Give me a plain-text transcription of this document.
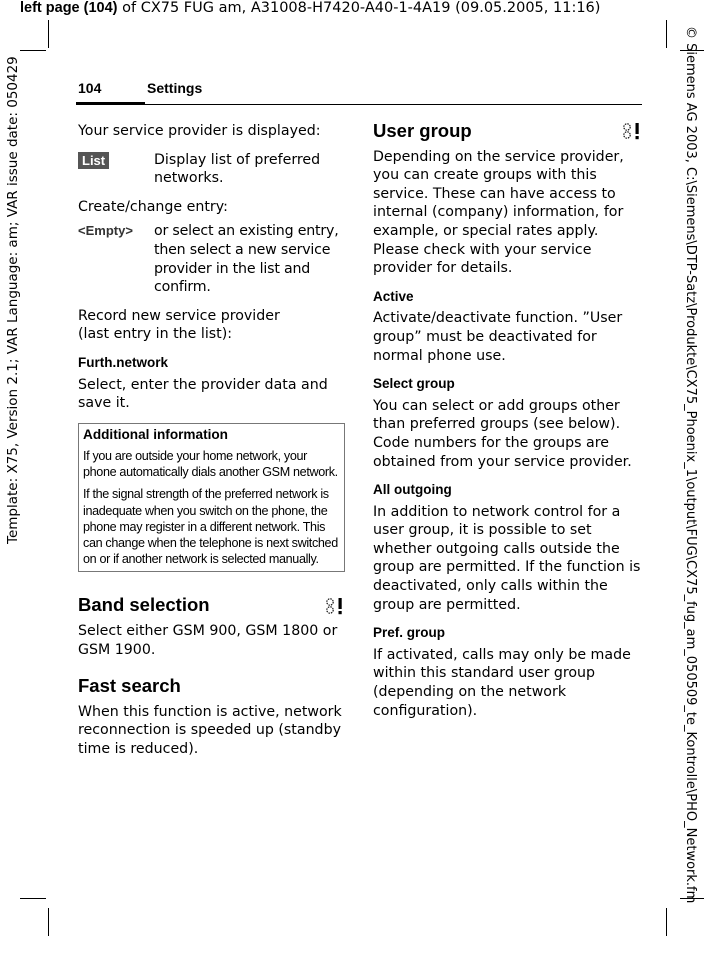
left page (104) of CX75 FUG am, A31008-H7420-A40-1-4A19 (09.05.2005, 11:16)
Template: X75, Version 2.1; VAR Language: am; VAR issue date: 050429	© Siemens AG 2003, C:\Siemens\DTP-Satz\Produkte\CX75_Phoenix_1\output\FUG\CX75_fug_am_050509_te_Kontrolle\PHO_Network.fm
104	Settings

Your service provider is displayed:

List	Display list of preferred networks.

Create/change entry:

<Empty>	or select an existing entry, then select a new service provider in the list and confirm.

Record new service provider
(last entry in the list):

Furth.network

Select, enter the provider data and save it.

Additional information

If you are outside your home network, your phone automatically dials another GSM network.

If the signal strength of the preferred network is inadequate when you switch on the phone, the phone may register in a different network. This can change when the telephone is next switched on or if another network is selected manually.

Band selection

Select either GSM 900, GSM 1800 or GSM 1900.

Fast search

When this function is active, network reconnection is speeded up (standby time is reduced).

User group

Depending on the service provider, you can create groups with this service. These can have access to internal (company) information, for example, or special rates apply. Please check with your service provider for details.

Active

Activate/deactivate function. ”User group” must be deactivated for normal phone use.

Select group

You can select or add groups other than preferred groups (see below). Code numbers for the groups are obtained from your service provider.

All outgoing

In addition to network control for a user group, it is possible to set whether outgoing calls outside the group are permitted. If the function is deactivated, only calls within the group are permitted.

Pref. group

If activated, calls may only be made within this standard user group (depending on the network configuration).
